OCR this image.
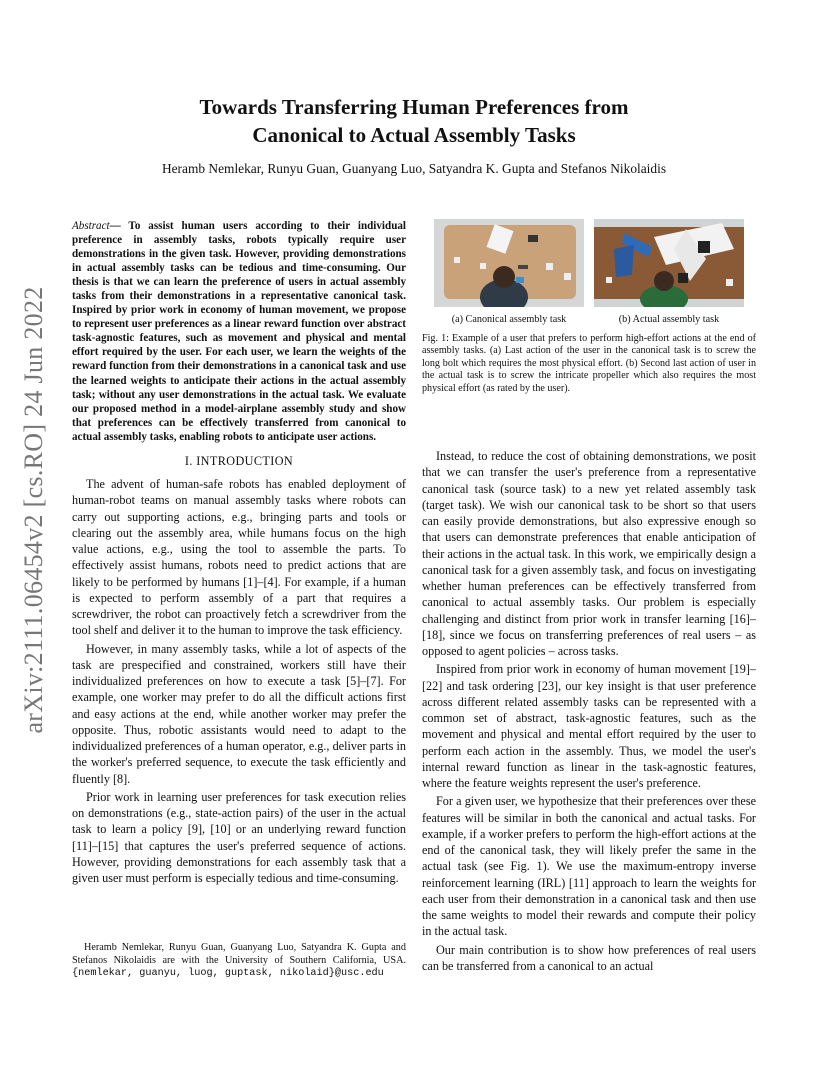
arXiv:2111.06454v2 [cs.RO] 24 Jun 2022
Towards Transferring Human Preferences from
Canonical to Actual Assembly Tasks
Heramb Nemlekar, Runyu Guan, Guanyang Luo, Satyandra K. Gupta and Stefanos Nikolaidis

Abstract— To assist human users according to their individual preference in assembly tasks, robots typically require user demonstrations in the given task. However, providing demonstrations in actual assembly tasks can be tedious and time-consuming. Our thesis is that we can learn the preference of users in actual assembly tasks from their demonstrations in a representative canonical task. Inspired by prior work in economy of human movement, we propose to represent user preferences as a linear reward function over abstract task-agnostic features, such as movement and physical and mental effort required by the user. For each user, we learn the weights of the reward function from their demonstrations in a canonical task and use the learned weights to anticipate their actions in the actual assembly task; without any user demonstrations in the actual task. We evaluate our proposed method in a model-airplane assembly study and show that preferences can be effectively transferred from canonical to actual assembly tasks, enabling robots to anticipate user actions.

I. INTRODUCTION

The advent of human-safe robots has enabled deployment of human-robot teams on manual assembly tasks where robots can carry out supporting actions, e.g., bringing parts and tools or clearing out the assembly area, while humans focus on the high value actions, e.g., using the tool to assemble the parts. To effectively assist humans, robots need to predict actions that are likely to be performed by humans [1]–[4]. For example, if a human is expected to perform assembly of a part that requires a screwdriver, the robot can proactively fetch a screwdriver from the tool shelf and deliver it to the human to improve the task efficiency.

However, in many assembly tasks, while a lot of aspects of the task are prespecified and constrained, workers still have their individualized preferences on how to execute a task [5]–[7]. For example, one worker may prefer to do all the difficult actions first and easy actions at the end, while another worker may prefer the opposite. Thus, robotic assistants would need to adapt to the individualized preferences of a human operator, e.g., deliver parts in the worker's preferred sequence, to execute the task efficiently and fluently [8].

Prior work in learning user preferences for task execution relies on demonstrations (e.g., state-action pairs) of the user in the actual task to learn a policy [9], [10] or an underlying reward function [11]–[15] that captures the user's preferred sequence of actions. However, providing demonstrations for each assembly task that a given user must perform is especially tedious and time-consuming.

Heramb Nemlekar, Runyu Guan, Guanyang Luo, Satyandra K. Gupta and Stefanos Nikolaidis are with the University of Southern California, USA. {nemlekar, guanyu, luog, guptask, nikolaid}@usc.edu
(a) Canonical assembly task	(b) Actual assembly task
Fig. 1: Example of a user that prefers to perform high-effort actions at the end of assembly tasks. (a) Last action of the user in the canonical task is to screw the long bolt which requires the most physical effort. (b) Second last action of user in the actual task is to screw the intricate propeller which also requires the most physical effort (as rated by the user).

Instead, to reduce the cost of obtaining demonstrations, we posit that we can transfer the user's preference from a representative canonical task (source task) to a new yet related assembly task (target task). We wish our canonical task to be short so that users can easily provide demonstrations, but also expressive enough so that users can demonstrate preferences that enable anticipation of their actions in the actual task. In this work, we empirically design a canonical task for a given assembly task, and focus on investigating whether human preferences can be effectively transferred from canonical to actual assembly tasks. Our problem is especially challenging and distinct from prior work in transfer learning [16]–[18], since we focus on transferring preferences of real users – as opposed to agent policies – across tasks.

Inspired from prior work in economy of human movement [19]–[22] and task ordering [23], our key insight is that user preference across different related assembly tasks can be represented with a common set of abstract, task-agnostic features, such as the movement and physical and mental effort required by the user to perform each action in the assembly. Thus, we model the user's internal reward function as linear in the task-agnostic features, where the feature weights represent the user's preference.

For a given user, we hypothesize that their preferences over these features will be similar in both the canonical and actual tasks. For example, if a worker prefers to perform the high-effort actions at the end of the canonical task, they will likely prefer the same in the actual task (see Fig. 1). We use the maximum-entropy inverse reinforcement learning (IRL) [11] approach to learn the weights for each user from their demonstration in a canonical task and then use the same weights to model their rewards and compute their policy in the actual task.

Our main contribution is to show how preferences of real users can be transferred from a canonical to an actual
